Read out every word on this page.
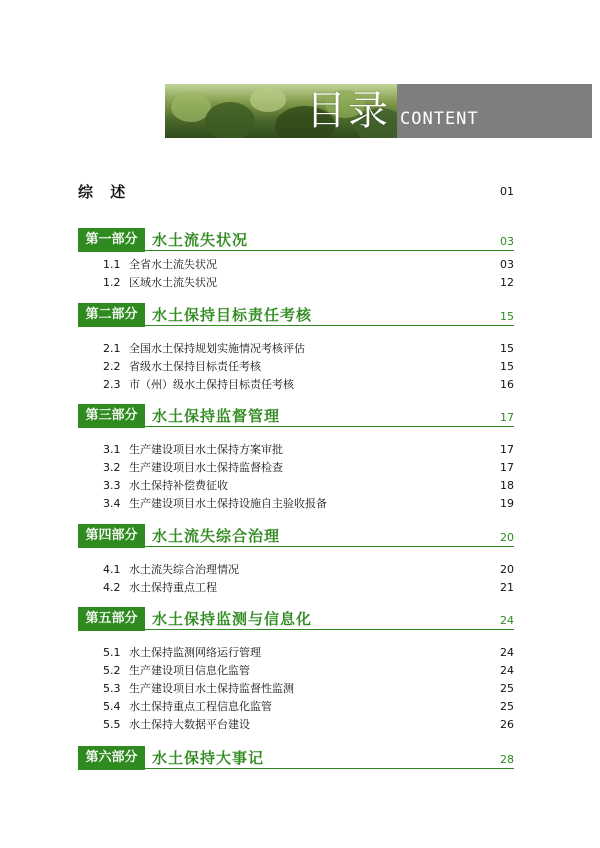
目录 CONTENT
综 述	01
第一部分 水土流失状况	03
1.1 全省水土流失状况	03
1.2 区域水土流失状况	12
第二部分 水土保持目标责任考核	15
2.1 全国水土保持规划实施情况考核评估	15
2.2 省级水土保持目标责任考核	15
2.3 市（州）级水土保持目标责任考核	16
第三部分 水土保持监督管理	17
3.1 生产建设项目水土保持方案审批	17
3.2 生产建设项目水土保持监督检查	17
3.3 水土保持补偿费征收	18
3.4 生产建设项目水土保持设施自主验收报备	19
第四部分 水土流失综合治理	20
4.1 水土流失综合治理情况	20
4.2 水土保持重点工程	21
第五部分 水土保持监测与信息化	24
5.1 水土保持监测网络运行管理	24
5.2 生产建设项目信息化监管	24
5.3 生产建设项目水土保持监督性监测	25
5.4 水土保持重点工程信息化监管	25
5.5 水土保持大数据平台建设	26
第六部分 水土保持大事记	28
